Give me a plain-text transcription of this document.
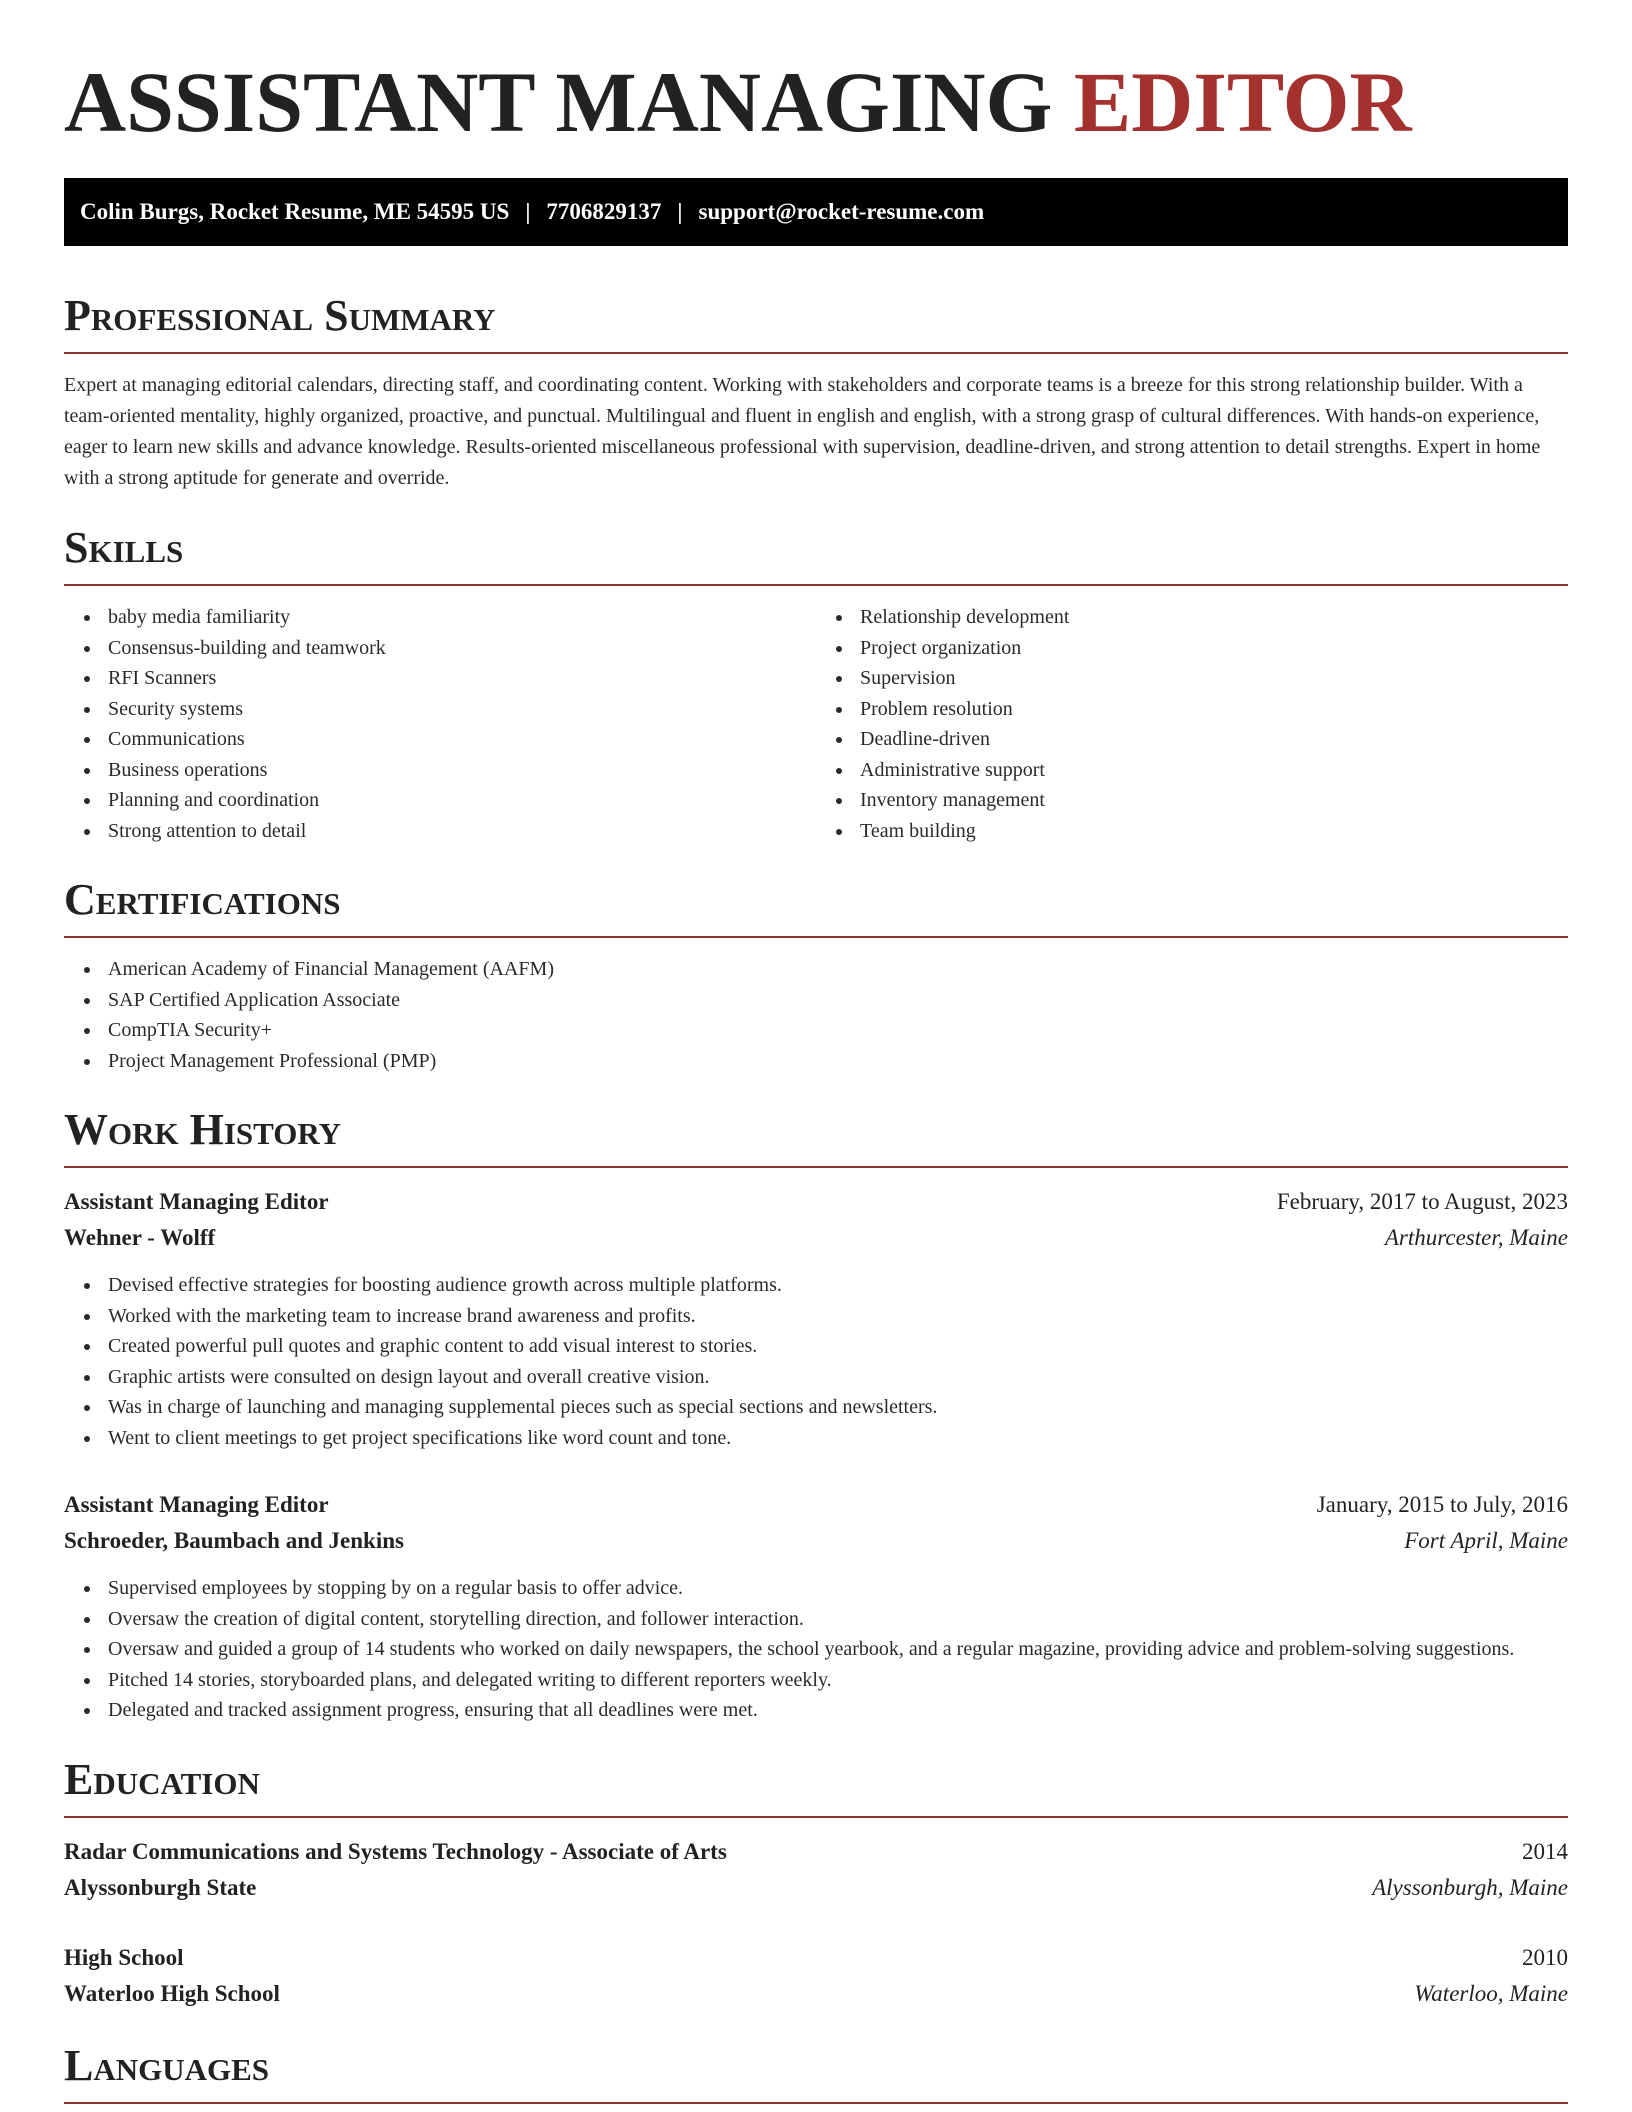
ASSISTANT MANAGING EDITOR
Colin Burgs, Rocket Resume, ME 54595 US | 7706829137 | support@rocket-resume.com
Professional Summary

Expert at managing editorial calendars, directing staff, and coordinating content. Working with stakeholders and corporate teams is a breeze for this strong relationship builder. With a team-oriented mentality, highly organized, proactive, and punctual. Multilingual and fluent in english and english, with a strong grasp of cultural differences. With hands-on experience, eager to learn new skills and advance knowledge. Results-oriented miscellaneous professional with supervision, deadline-driven, and strong attention to detail strengths. Expert in home with a strong aptitude for generate and override.

Skills
baby media familiarity
Consensus-building and teamwork
RFI Scanners
Security systems
Communications
Business operations
Planning and coordination
Strong attention to detail
Relationship development
Project organization
Supervision
Problem resolution
Deadline-driven
Administrative support
Inventory management
Team building
Certifications
American Academy of Financial Management (AAFM)
SAP Certified Application Associate
CompTIA Security+
Project Management Professional (PMP)
Work History
Assistant Managing Editor	February, 2017 to August, 2023
Wehner - Wolff	Arthurcester, Maine
Devised effective strategies for boosting audience growth across multiple platforms.
Worked with the marketing team to increase brand awareness and profits.
Created powerful pull quotes and graphic content to add visual interest to stories.
Graphic artists were consulted on design layout and overall creative vision.
Was in charge of launching and managing supplemental pieces such as special sections and newsletters.
Went to client meetings to get project specifications like word count and tone.
Assistant Managing Editor	January, 2015 to July, 2016
Schroeder, Baumbach and Jenkins	Fort April, Maine
Supervised employees by stopping by on a regular basis to offer advice.
Oversaw the creation of digital content, storytelling direction, and follower interaction.
Oversaw and guided a group of 14 students who worked on daily newspapers, the school yearbook, and a regular magazine, providing advice and problem-solving suggestions.
Pitched 14 stories, storyboarded plans, and delegated writing to different reporters weekly.
Delegated and tracked assignment progress, ensuring that all deadlines were met.
Education
Radar Communications and Systems Technology - Associate of Arts	2014
Alyssonburgh State	Alyssonburgh, Maine
High School	2010
Waterloo High School	Waterloo, Maine
Languages
